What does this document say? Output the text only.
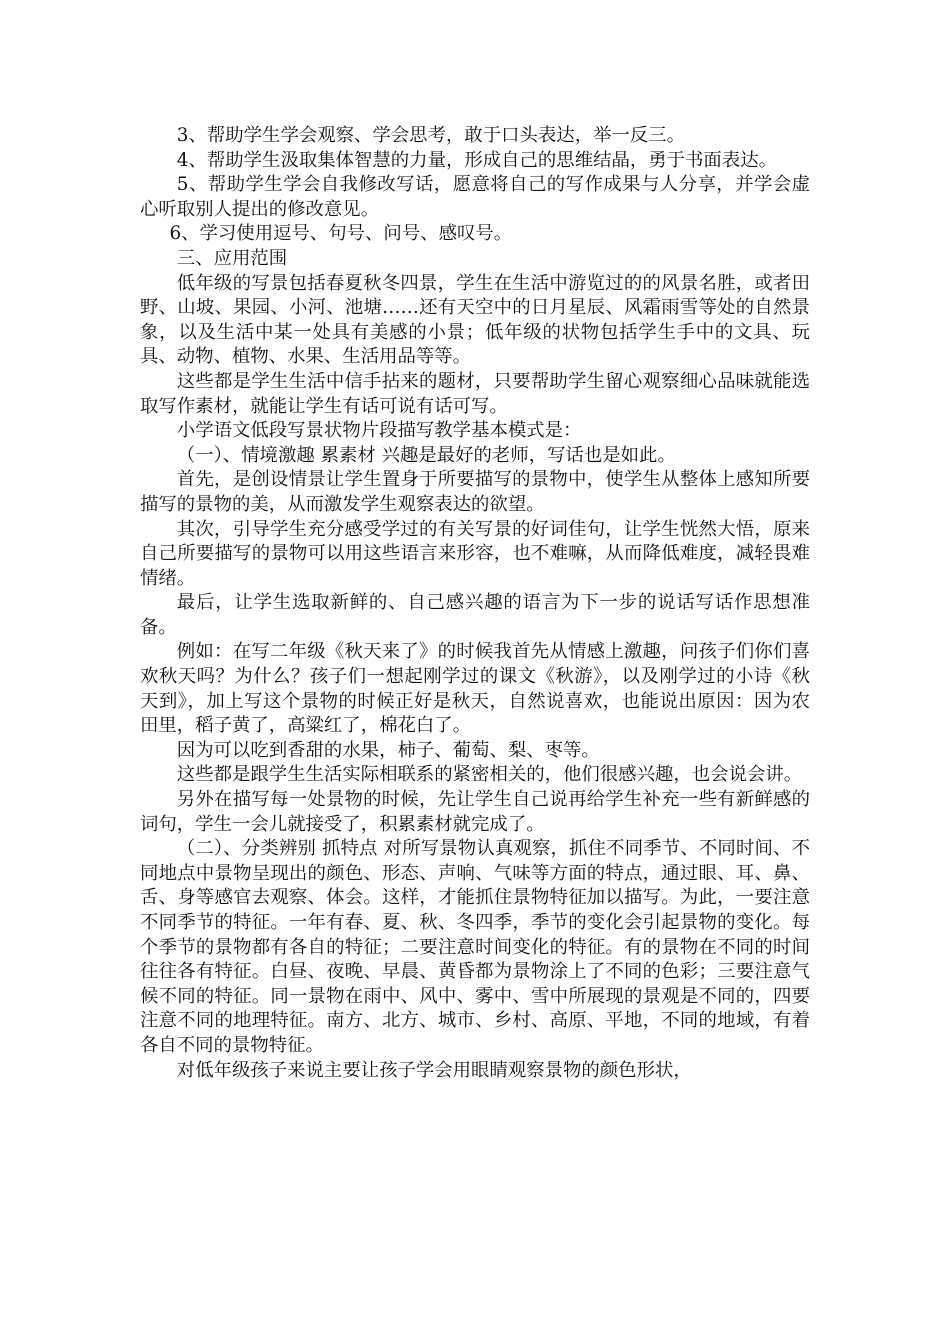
3、帮助学生学会观察、学会思考，敢于口头表达，举一反三。

4、帮助学生汲取集体智慧的力量，形成自己的思维结晶，勇于书面表达。

5、帮助学生学会自我修改写话，愿意将自己的写作成果与人分享，并学会虚心听取别人提出的修改意见。

6、学习使用逗号、句号、问号、感叹号。

三、应用范围

低年级的写景包括春夏秋冬四景，学生在生活中游览过的的风景名胜，或者田野、山坡、果园、小河、池塘……还有天空中的日月星辰、风霜雨雪等处的自然景象，以及生活中某一处具有美感的小景；低年级的状物包括学生手中的文具、玩具、动物、植物、水果、生活用品等等。

这些都是学生生活中信手拈来的题材，只要帮助学生留心观察细心品味就能选取写作素材，就能让学生有话可说有话可写。

小学语文低段写景状物片段描写教学基本模式是：

（一）、情境激趣 累素材 兴趣是最好的老师，写话也是如此。

首先，是创设情景让学生置身于所要描写的景物中，使学生从整体上感知所要描写的景物的美，从而激发学生观察表达的欲望。

其次，引导学生充分感受学过的有关写景的好词佳句，让学生恍然大悟，原来自己所要描写的景物可以用这些语言来形容，也不难嘛，从而降低难度，减轻畏难情绪。

最后，让学生选取新鲜的、自己感兴趣的语言为下一步的说话写话作思想准备。

例如：在写二年级《秋天来了》的时候我首先从情感上激趣，问孩子们你们喜欢秋天吗？为什么？孩子们一想起刚学过的课文《秋游》，以及刚学过的小诗《秋天到》，加上写这个景物的时候正好是秋天，自然说喜欢，也能说出原因：因为农田里，稻子黄了，高粱红了，棉花白了。

因为可以吃到香甜的水果，柿子、葡萄、梨、枣等。

这些都是跟学生生活实际相联系的紧密相关的，他们很感兴趣，也会说会讲。

另外在描写每一处景物的时候，先让学生自己说再给学生补充一些有新鲜感的词句，学生一会儿就接受了，积累素材就完成了。

（二）、分类辨别 抓特点 对所写景物认真观察，抓住不同季节、不同时间、不同地点中景物呈现出的颜色、形态、声响、气味等方面的特点，通过眼、耳、鼻、舌、身等感官去观察、体会。这样，才能抓住景物特征加以描写。为此，一要注意不同季节的特征。一年有春、夏、秋、冬四季，季节的变化会引起景物的变化。每个季节的景物都有各自的特征；二要注意时间变化的特征。有的景物在不同的时间往往各有特征。白昼、夜晚、早晨、黄昏都为景物涂上了不同的色彩；三要注意气候不同的特征。同一景物在雨中、风中、雾中、雪中所展现的景观是不同的，四要注意不同的地理特征。南方、北方、城市、乡村、高原、平地，不同的地域，有着各自不同的景物特征。

对低年级孩子来说主要让孩子学会用眼睛观察景物的颜色形状，
